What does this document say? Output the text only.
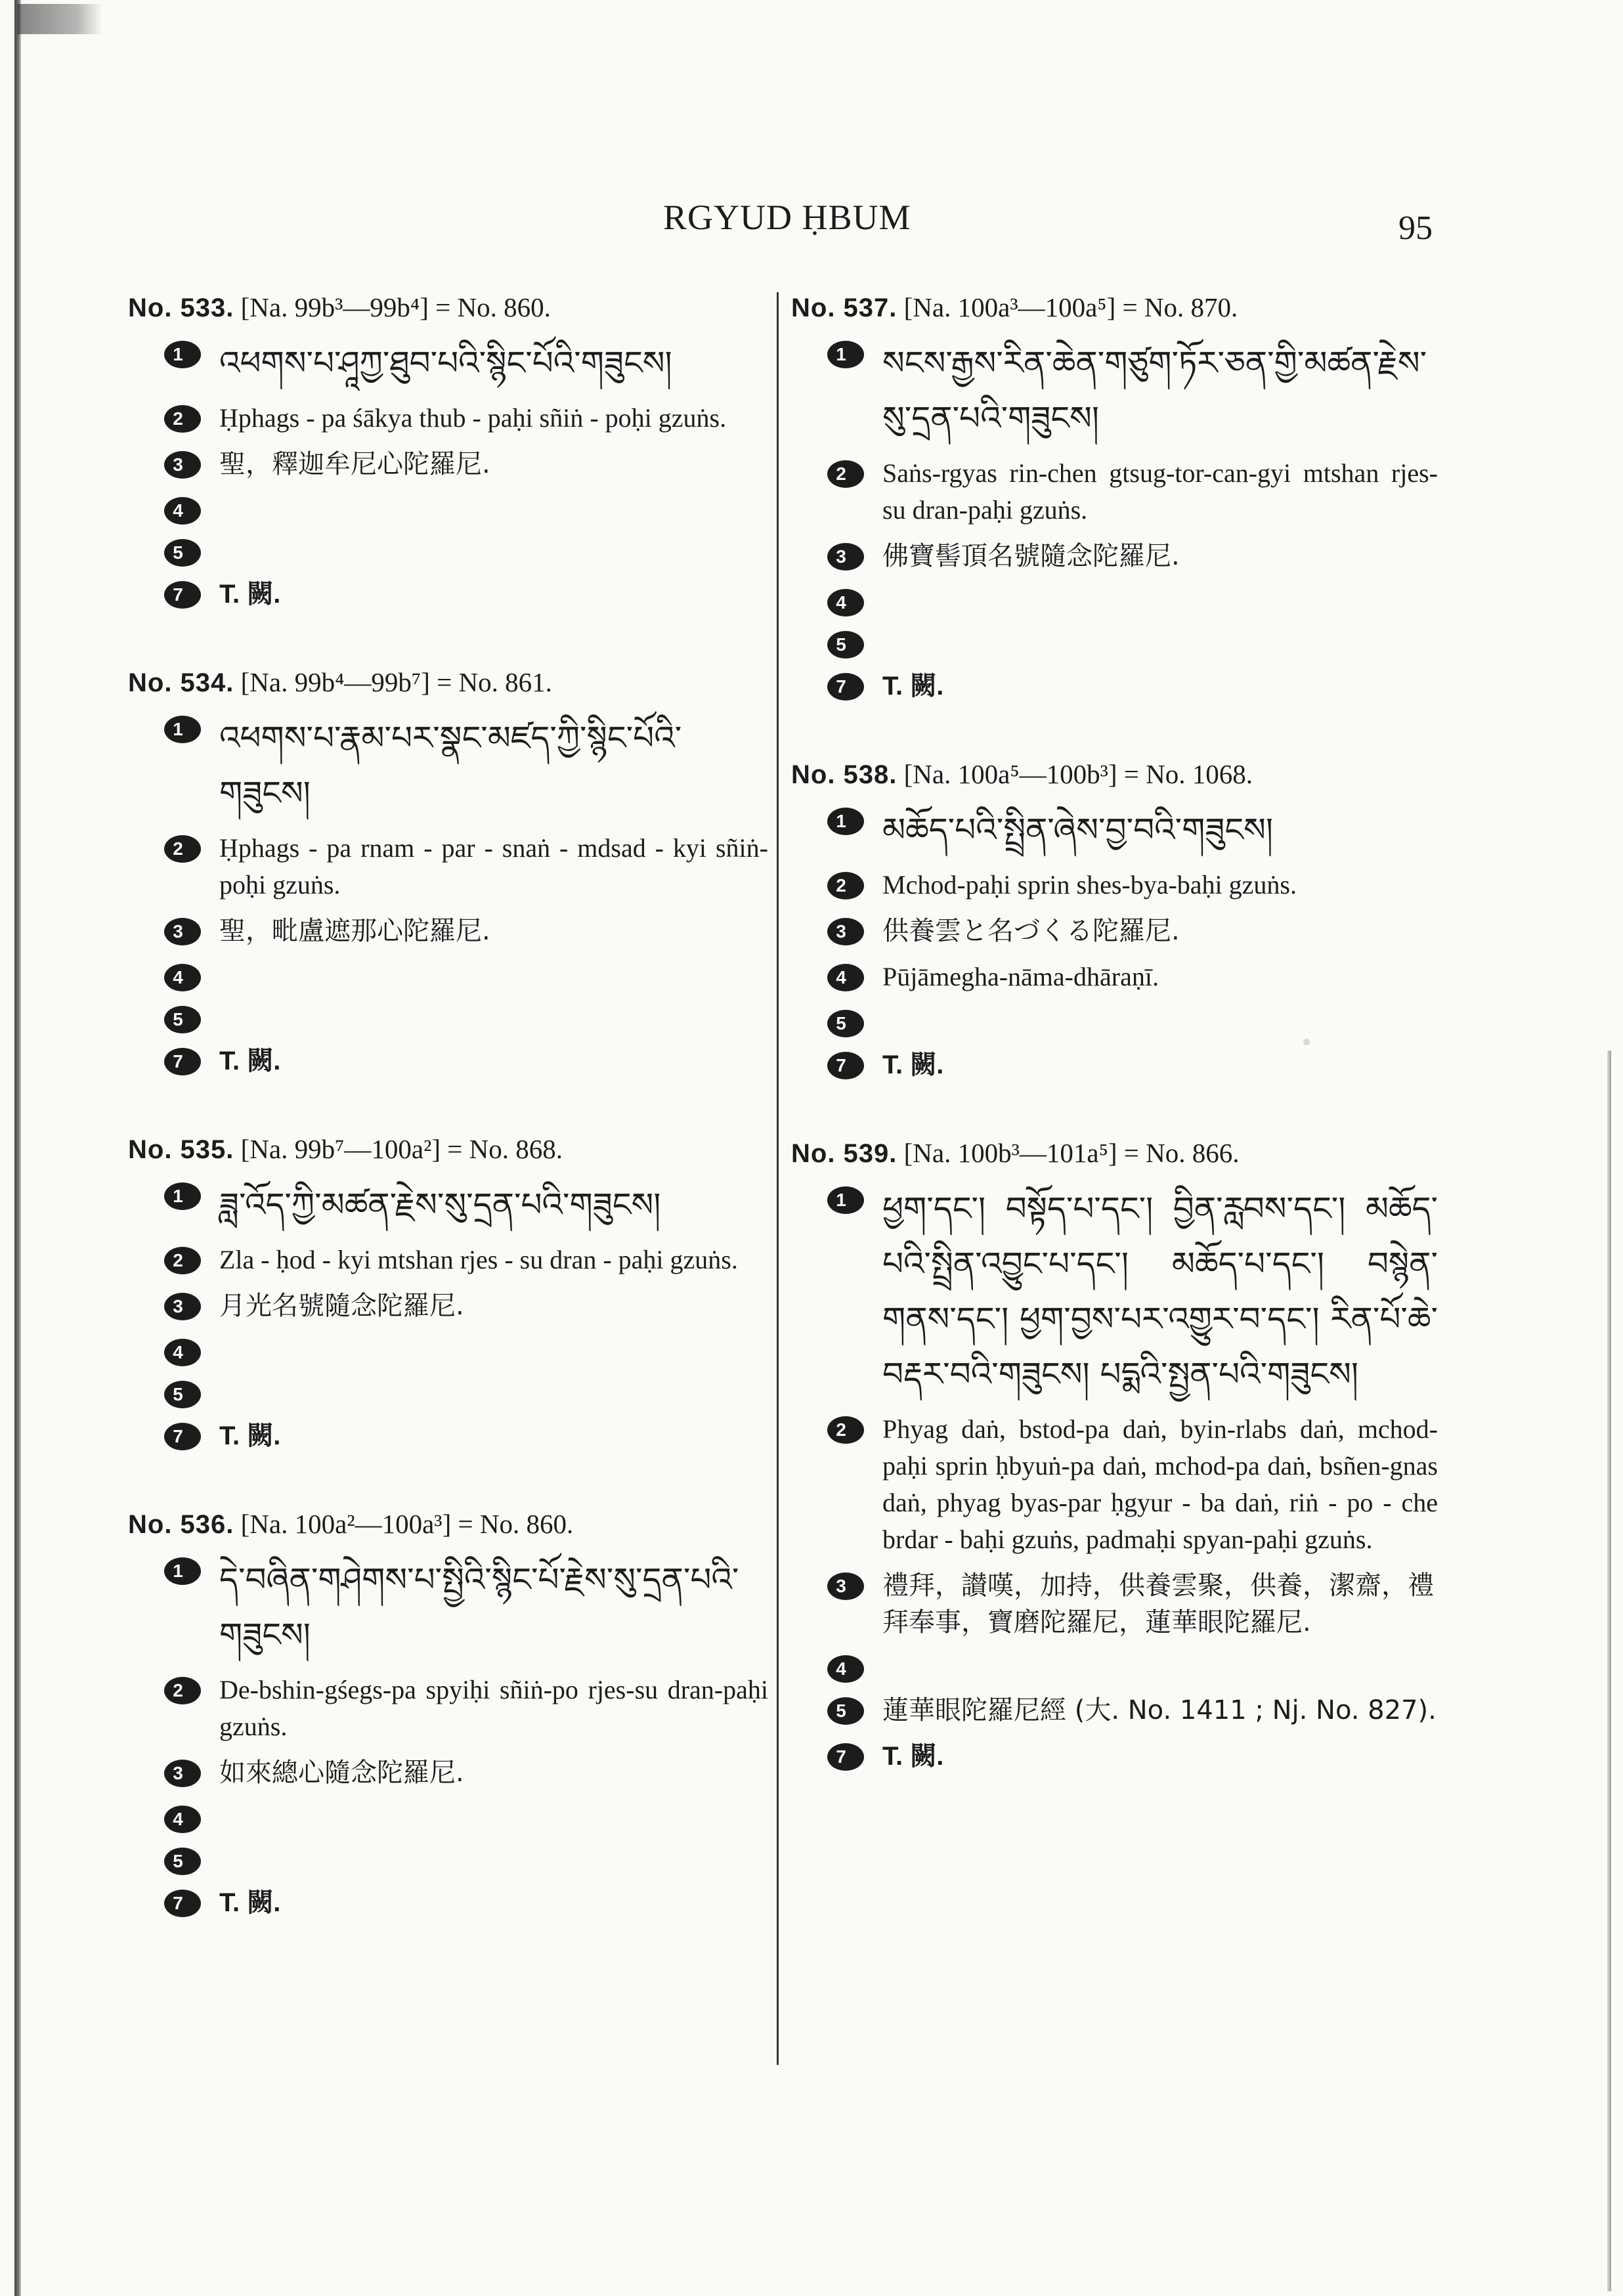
RGYUD ḤBUM	95
No. 533. [Na. 99b³—99b⁴] = No. 860.
1 འཕགས་པ་ཤཱཀྱ་ཐུབ་པའི་སྙིང་པོའི་གཟུངས།
2	Ḥphags - pa śākya thub - paḥi sñiṅ - poḥi gzuṅs.
3	聖，釋迦牟尼心陀羅尼.
4
5
7	T. 闕.
No. 534. [Na. 99b⁴—99b⁷] = No. 861.
1 འཕགས་པ་རྣམ་པར་སྣང་མཛད་ཀྱི་སྙིང་པོའི་གཟུངས།
2	Ḥphags - pa rnam - par - snaṅ - mdsad - kyi sñiṅ-poḥi gzuṅs.
3	聖，毗盧遮那心陀羅尼.
4
5
7	T. 闕.
No. 535. [Na. 99b⁷—100a²] = No. 868.
1 ཟླ་འོད་ཀྱི་མཚན་རྗེས་སུ་དྲན་པའི་གཟུངས།
2	Zla - ḥod - kyi mtshan rjes - su dran - paḥi gzuṅs.
3	月光名號隨念陀羅尼.
4
5
7	T. 闕.
No. 536. [Na. 100a²—100a³] = No. 860.
1 དེ་བཞིན་གཤེགས་པ་སྤྱིའི་སྙིང་པོ་རྗེས་སུ་དྲན་པའི་གཟུངས།
2	De-bshin-gśegs-pa spyiḥi sñiṅ-po rjes-su dran-paḥi gzuṅs.
3	如來總心隨念陀羅尼.
4
5
7	T. 闕.
No. 537. [Na. 100a³—100a⁵] = No. 870.
1 སངས་རྒྱས་རིན་ཆེན་གཙུག་ཏོར་ཅན་གྱི་མཚན་རྗེས་སུ་དྲན་པའི་གཟུངས།
2	Saṅs-rgyas rin-chen gtsug-tor-can-gyi mtshan rjes-su dran-paḥi gzuṅs.
3	佛寶髻頂名號隨念陀羅尼.
4
5
7	T. 闕.
No. 538. [Na. 100a⁵—100b³] = No. 1068.
1 མཆོད་པའི་སྤྲིན་ཞེས་བྱ་བའི་གཟུངས།
2	Mchod-paḥi sprin shes-bya-baḥi gzuṅs.
3	供養雲と名づくる陀羅尼.
4	Pūjāmegha-nāma-dhāraṇī.
5
7	T. 闕.
No. 539. [Na. 100b³—101a⁵] = No. 866.
1 ཕྱག་དང༌། བསྟོད་པ་དང༌། བྱིན་རླབས་དང༌། མཆོད་པའི་སྤྲིན་འབྱུང་པ་དང༌། མཆོད་པ་དང༌། བསྙེན་གནས་དང༌། ཕྱག་བྱས་པར་འགྱུར་བ་དང༌། རིན་པོ་ཆེ་བརྡར་བའི་གཟུངས། པདྨའི་སྤྱན་པའི་གཟུངས།
2	Phyag daṅ, bstod-pa daṅ, byin-rlabs daṅ, mchod-paḥi sprin ḥbyuṅ-pa daṅ, mchod-pa daṅ, bsñen-gnas daṅ, phyag byas-par ḥgyur - ba daṅ, riṅ - po - che brdar - baḥi gzuṅs, padmaḥi spyan-paḥi gzuṅs.
3	禮拜，讃嘆，加持，供養雲聚，供養，潔齋，禮拜奉事，寶磨陀羅尼，蓮華眼陀羅尼.
4
5	蓮華眼陀羅尼經 (大. No. 1411 ; Nj. No. 827).
7	T. 闕.
